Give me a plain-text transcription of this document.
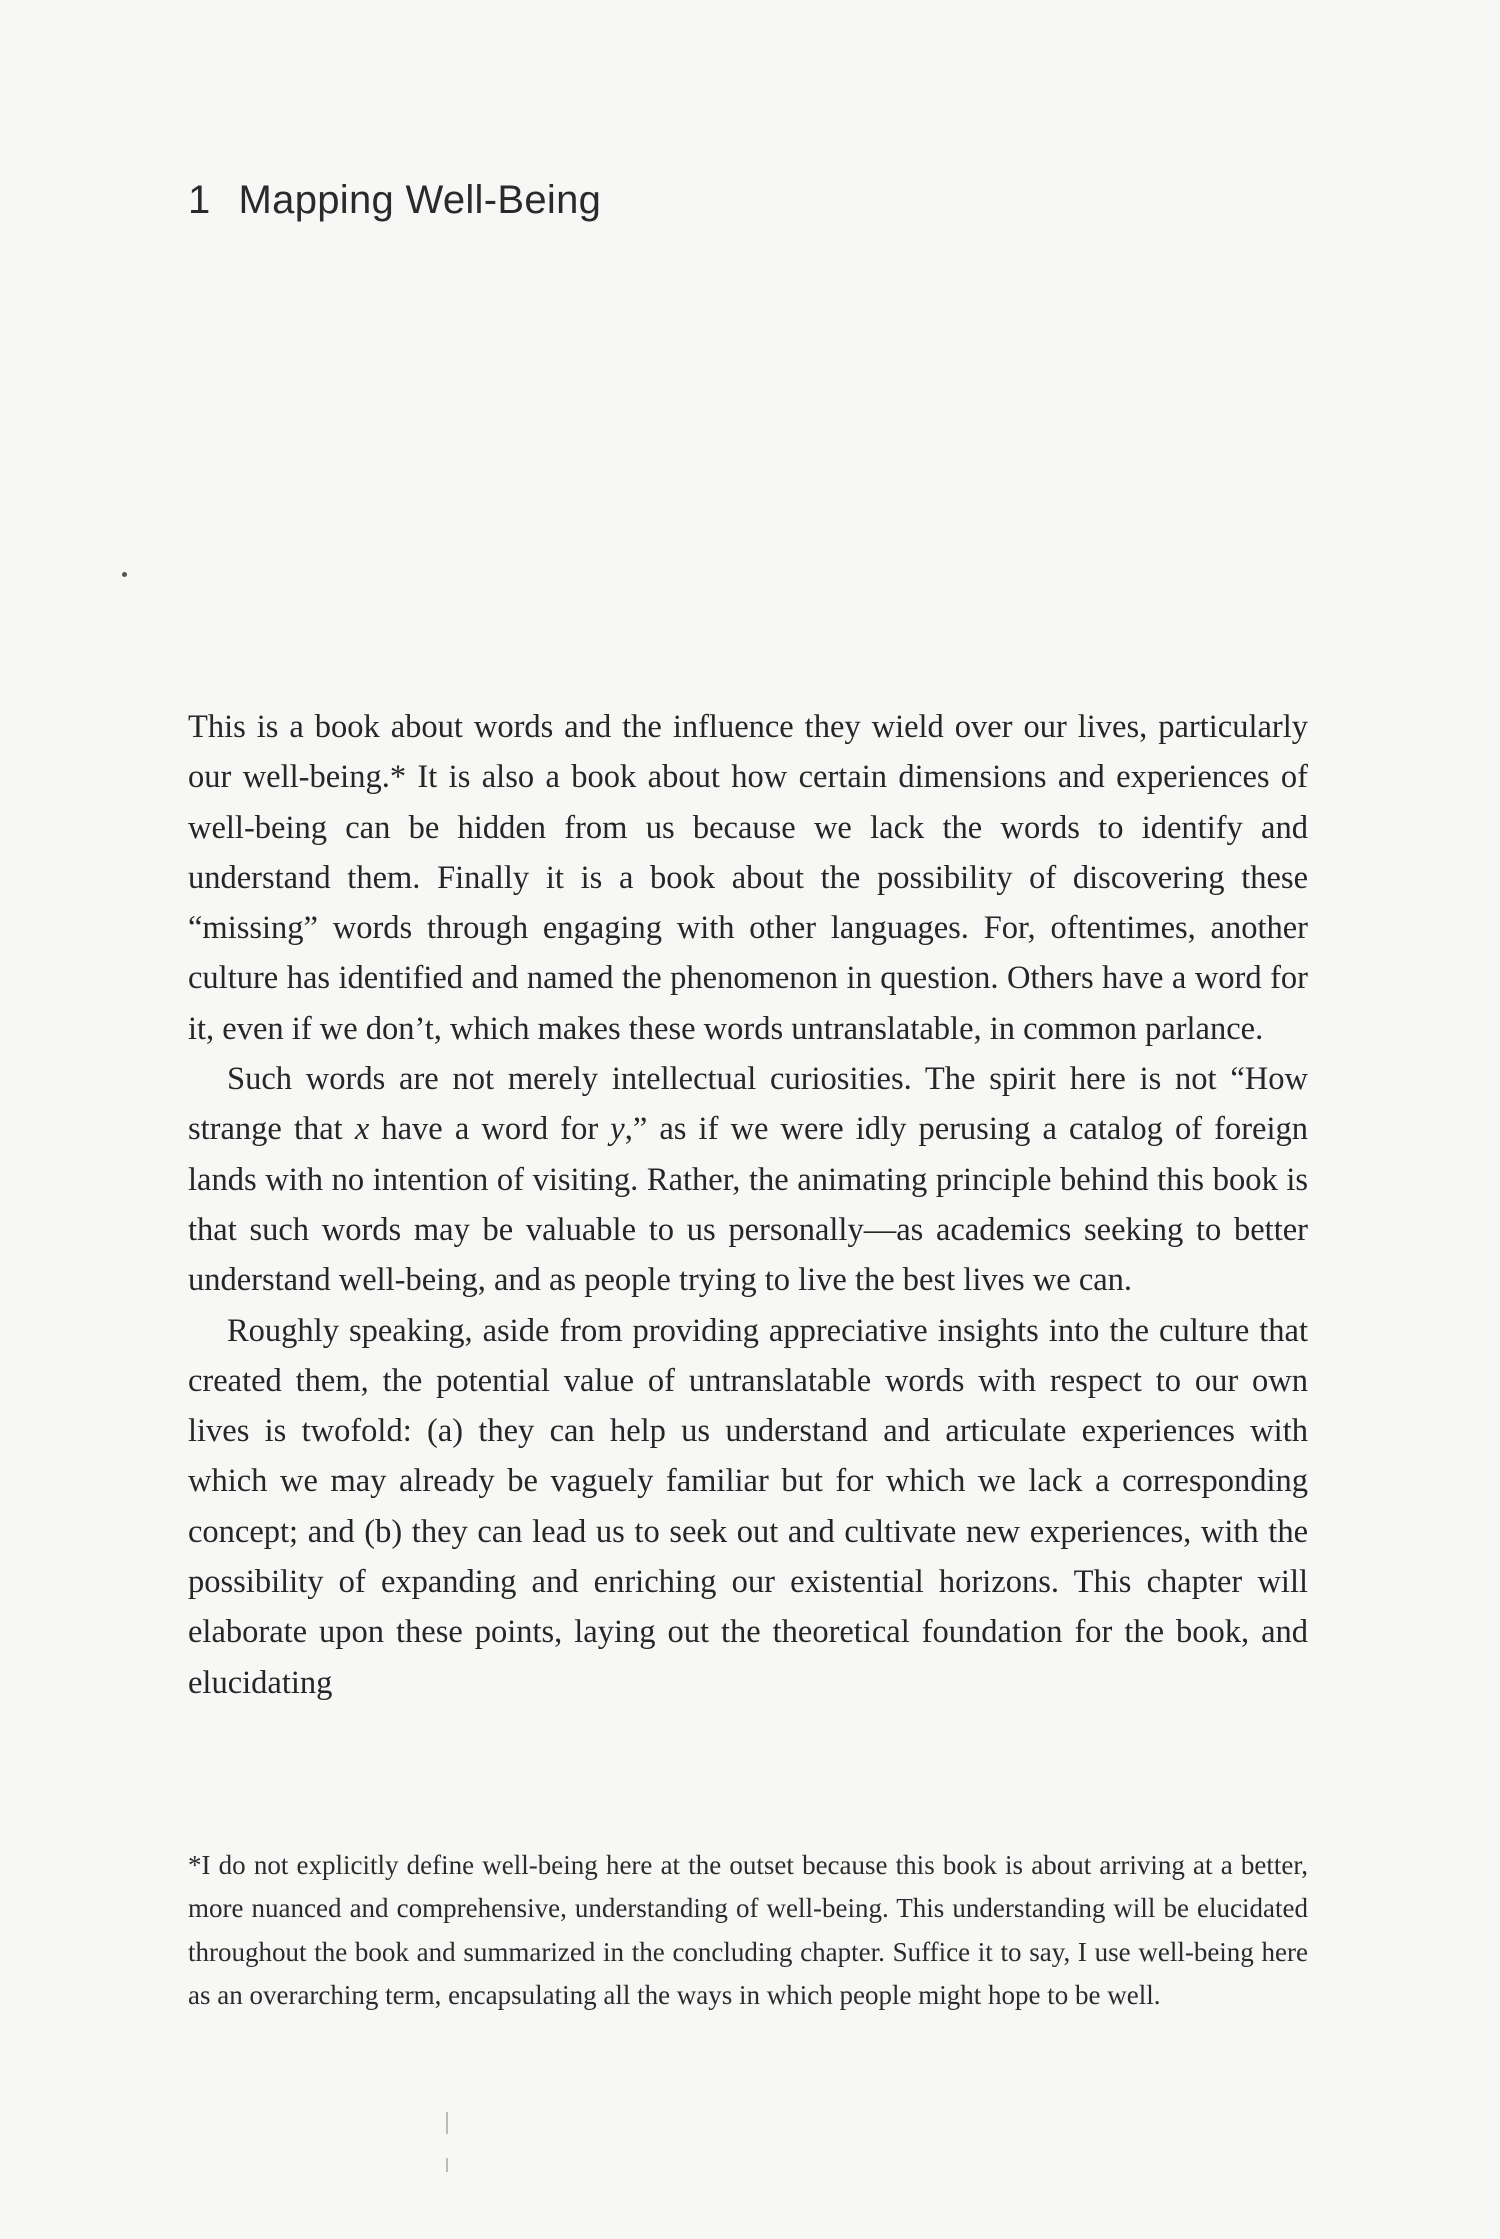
1 Mapping Well-Being

This is a book about words and the influence they wield over our lives, particularly our well-being.* It is also a book about how certain dimensions and experiences of well-being can be hidden from us because we lack the words to identify and understand them. Finally it is a book about the possibility of discovering these “missing” words through engaging with other languages. For, oftentimes, another culture has identified and named the phenomenon in question. Others have a word for it, even if we don’t, which makes these words untranslatable, in common parlance.

Such words are not merely intellectual curiosities. The spirit here is not “How strange that x have a word for y,” as if we were idly perusing a catalog of foreign lands with no intention of visiting. Rather, the animating principle behind this book is that such words may be valuable to us personally—as academics seeking to better understand well-being, and as people trying to live the best lives we can.

Roughly speaking, aside from providing appreciative insights into the culture that created them, the potential value of untranslatable words with respect to our own lives is twofold: (a) they can help us understand and articulate experiences with which we may already be vaguely familiar but for which we lack a corresponding concept; and (b) they can lead us to seek out and cultivate new experiences, with the possibility of expanding and enriching our existential horizons. This chapter will elaborate upon these points, laying out the theoretical foundation for the book, and elucidating

*I do not explicitly define well-being here at the outset because this book is about arriving at a better, more nuanced and comprehensive, understanding of well-being. This understanding will be elucidated throughout the book and summarized in the concluding chapter. Suffice it to say, I use well-being here as an overarching term, encapsulating all the ways in which people might hope to be well.
